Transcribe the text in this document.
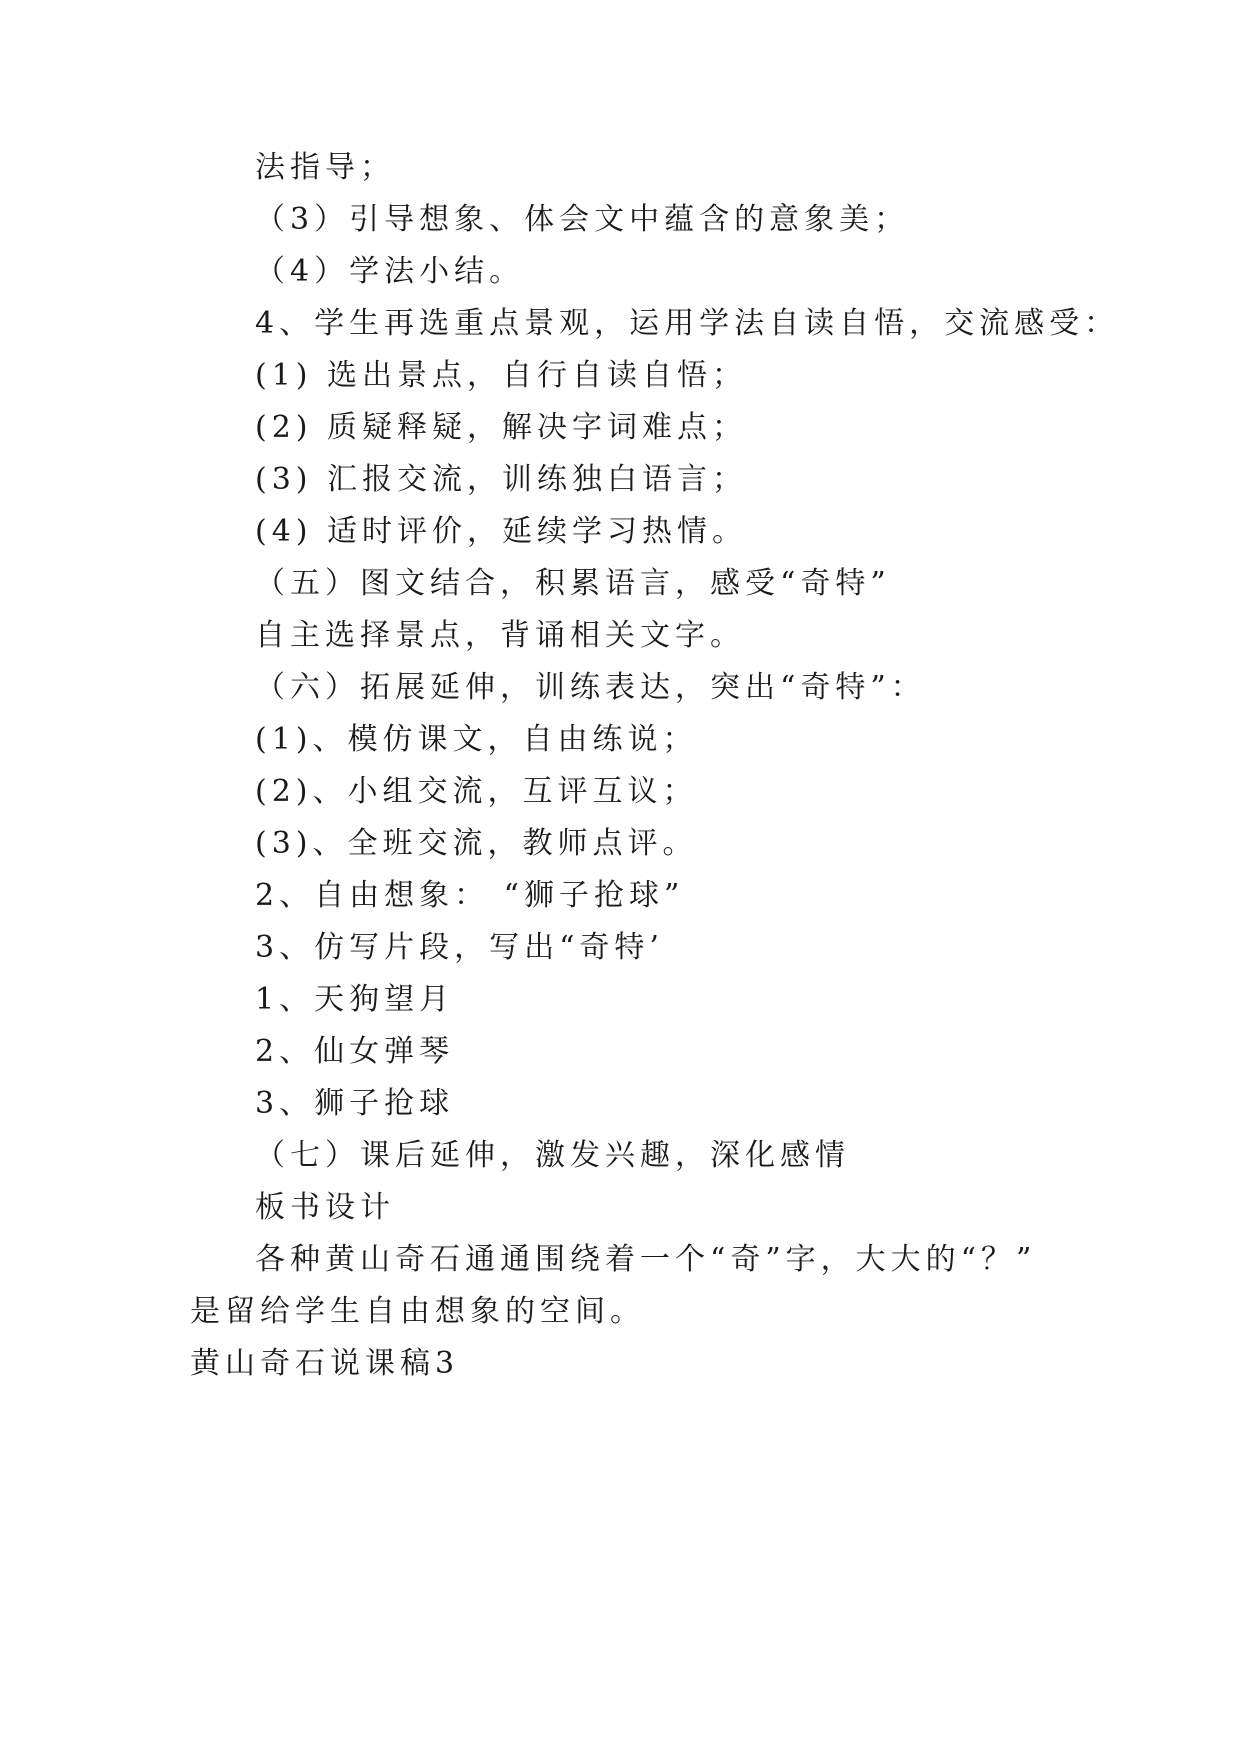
法指导；
（3）引导想象、体会文中蕴含的意象美；
（4）学法小结。
4、学生再选重点景观，运用学法自读自悟，交流感受：
(1) 选出景点，自行自读自悟；
(2) 质疑释疑，解决字词难点；
(3) 汇报交流，训练独白语言；
(4) 适时评价，延续学习热情。
（五）图文结合，积累语言，感受“奇特”
自主选择景点，背诵相关文字。
（六）拓展延伸，训练表达，突出“奇特”：
(1)、模仿课文，自由练说；
(2)、小组交流，互评互议；
(3)、全班交流，教师点评。
2、自由想象： “狮子抢球”
3、仿写片段，写出“奇特’
1、天狗望月
2、仙女弹琴
3、狮子抢球
（七）课后延伸，激发兴趣，深化感情
板书设计
各种黄山奇石通通围绕着一个“奇”字，大大的“？”
是留给学生自由想象的空间。
黄山奇石说课稿3
